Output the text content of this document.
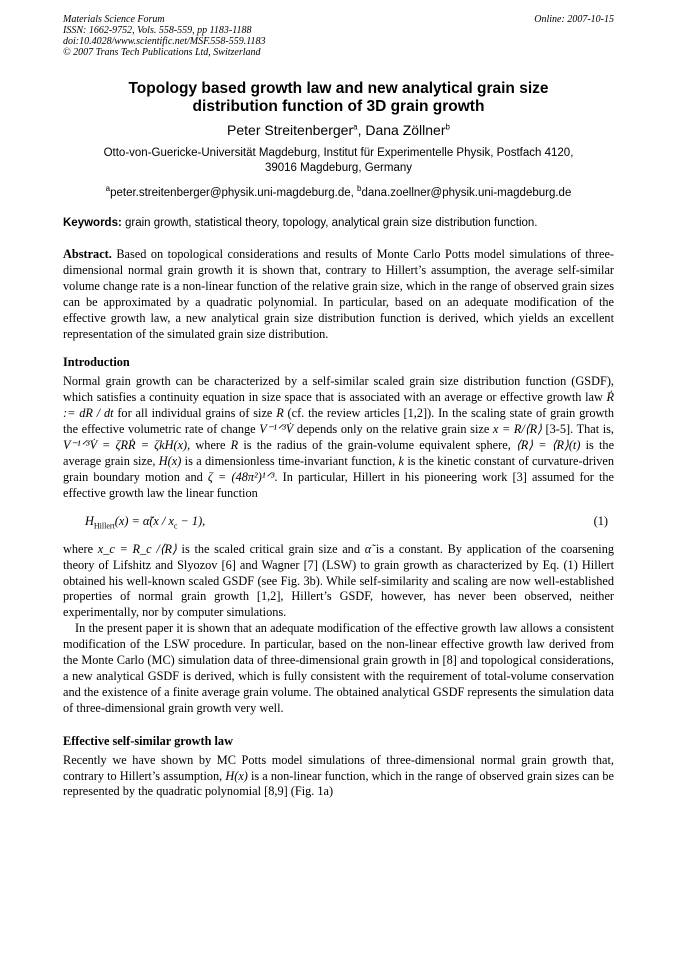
Materials Science Forum	Online: 2007-10-15
ISSN: 1662-9752, Vols. 558-559, pp 1183-1188
doi:10.4028/www.scientific.net/MSF.558-559.1183
© 2007 Trans Tech Publications Ltd, Switzerland
Topology based growth law and new analytical grain size
distribution function of 3D grain growth
Peter Streitenberger$^a$, Dana Zöllner$^b$
Otto-von-Guericke-Universität Magdeburg, Institut für Experimentelle Physik, Postfach 4120,
39016 Magdeburg, Germany
$^a$peter.streitenberger@physik.uni-magdeburg.de, $^b$dana.zoellner@physik.uni-magdeburg.de
Keywords: grain growth, statistical theory, topology, analytical grain size distribution function.
Abstract. Based on topological considerations and results of Monte Carlo Potts model simulations of three-dimensional normal grain growth it is shown that, contrary to Hillert’s assumption, the average self-similar volume change rate is a non-linear function of the relative grain size, which in the range of observed grain sizes can be approximated by a quadratic polynomial. In particular, based on an adequate modification of the effective growth law, a new analytical grain size distribution function is derived, which yields an excellent representation of the simulated grain size distribution.
Introduction
Normal grain growth can be characterized by a self-similar scaled grain size distribution function (GSDF), which satisfies a continuity equation in size space that is associated with an average or effective growth law Ṙ := dR / dt for all individual grains of size R (cf. the review articles [1,2]). In the scaling state of grain growth the effective volumetric rate of change V⁻¹ᐟ³V̇ depends only on the relative grain size x = R/⟨R⟩ [3-5]. That is, V⁻¹ᐟ³V̇ = ζRṘ = ζkH(x), where R is the radius of the grain-volume equivalent sphere, ⟨R⟩ = ⟨R⟩(t) is the average grain size, H(x) is a dimensionless time-invariant function, k is the kinetic constant of curvature-driven grain boundary motion and ζ = (48π²)¹ᐟ³. In particular, Hillert in his pioneering work [3] assumed for the effective growth law the linear function
$H_{Hillert}(x)$ = α̃(x / $x_c - 1$),	(1)
where x_c = R_c /⟨R⟩ is the scaled critical grain size and α̃ is a constant. By application of the coarsening theory of Lifshitz and Slyozov [6] and Wagner [7] (LSW) to grain growth as characterized by Eq. (1) Hillert obtained his well-known scaled GSDF (see Fig. 3b). While self-similarity and scaling are now well-established properties of normal grain growth [1,2], Hillert’s GSDF, however, has never been observed, neither experimentally, nor by computer simulations.
In the present paper it is shown that an adequate modification of the effective growth law allows a consistent modification of the LSW procedure. In particular, based on the non-linear effective growth law derived from the Monte Carlo (MC) simulation data of three-dimensional grain growth in [8] and topological considerations, a new analytical GSDF is derived, which is fully consistent with the requirement of total-volume conservation and the existence of a finite average grain volume. The obtained analytical GSDF represents the simulation data of three-dimensional grain growth very well.
Effective self-similar growth law
Recently we have shown by MC Potts model simulations of three-dimensional normal grain growth that, contrary to Hillert’s assumption, H(x) is a non-linear function, which in the range of observed grain sizes can be represented by the quadratic polynomial [8,9] (Fig. 1a)
